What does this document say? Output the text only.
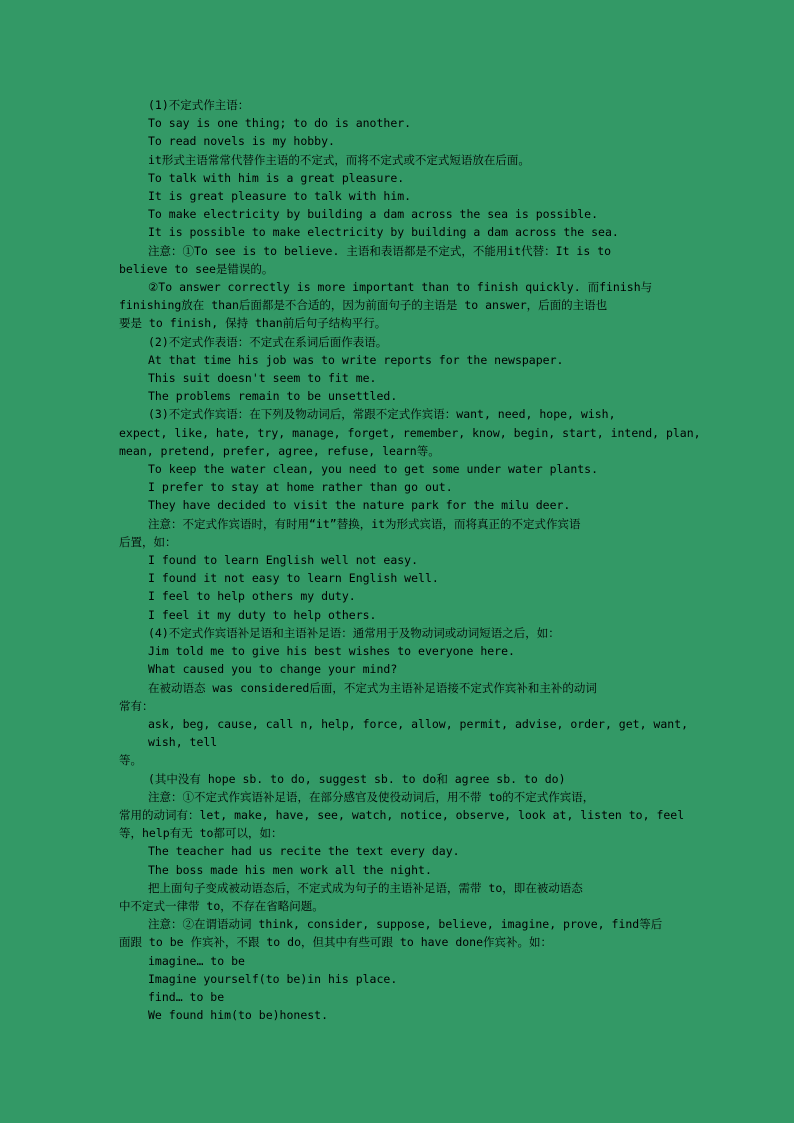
(1)不定式作主语：
To say is one thing; to do is another.
To read novels is my hobby.
it形式主语常常代替作主语的不定式，而将不定式或不定式短语放在后面。
To talk with him is a great pleasure.
It is great pleasure to talk with him.
To make electricity by building a dam across the sea is possible.
It is possible to make electricity by building a dam across the sea.
注意：①To see is to believe. 主语和表语都是不定式，不能用it代替：It is to
believe to see是错误的。
②To answer correctly is more important than to finish quickly. 而finish与
finishing放在 than后面都是不合适的，因为前面句子的主语是 to answer，后面的主语也
要是 to finish, 保持 than前后句子结构平行。
(2)不定式作表语：不定式在系词后面作表语。
At that time his job was to write reports for the newspaper.
This suit doesn't seem to fit me.
The problems remain to be unsettled.
(3)不定式作宾语：在下列及物动词后，常跟不定式作宾语：want, need, hope, wish,
expect, like, hate, try, manage, forget, remember, know, begin, start, intend, plan,
mean, pretend, prefer, agree, refuse, learn等。
To keep the water clean, you need to get some under water plants.
I prefer to stay at home rather than go out.
They have decided to visit the nature park for the milu deer.
注意：不定式作宾语时，有时用“it”替换，it为形式宾语，而将真正的不定式作宾语
后置，如：
I found to learn English well not easy.
I found it not easy to learn English well.
I feel to help others my duty.
I feel it my duty to help others.
(4)不定式作宾语补足语和主语补足语：通常用于及物动词或动词短语之后，如：
Jim told me to give his best wishes to everyone here.
What caused you to change your mind?
在被动语态 was considered后面，不定式为主语补足语接不定式作宾补和主补的动词
常有：
ask, beg, cause, call n, help, force, allow, permit, advise, order, get, want,
wish, tell
等。
(其中没有 hope sb. to do, suggest sb. to do和 agree sb. to do)
注意：①不定式作宾语补足语，在部分感官及使役动词后，用不带 to的不定式作宾语，
常用的动词有：let, make, have, see, watch, notice, observe, look at, listen to, feel
等，help有无 to都可以，如：
The teacher had us recite the text every day.
The boss made his men work all the night.
把上面句子变成被动语态后，不定式成为句子的主语补足语，需带 to，即在被动语态
中不定式一律带 to，不存在省略问题。
注意：②在谓语动词 think, consider, suppose, believe, imagine, prove, find等后
面跟 to be 作宾补，不跟 to do，但其中有些可跟 to have done作宾补。如：
imagine… to be
Imagine yourself(to be)in his place.
find… to be
We found him(to be)honest.
